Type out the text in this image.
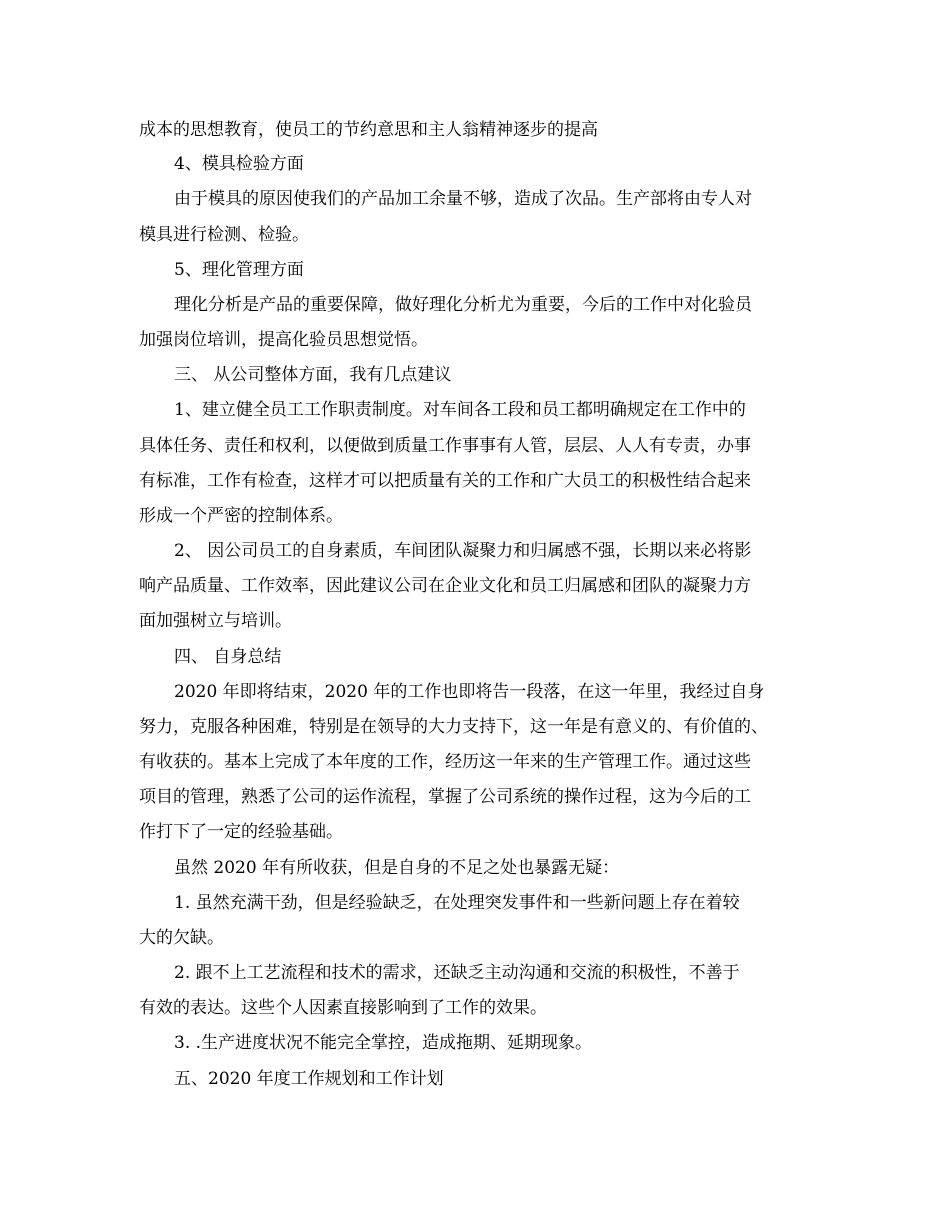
成本的思想教育，使员工的节约意思和主人翁精神逐步的提高
4、模具检验方面
由于模具的原因使我们的产品加工余量不够，造成了次品。生产部将由专人对
模具进行检测、检验。
5、理化管理方面
理化分析是产品的重要保障，做好理化分析尤为重要，今后的工作中对化验员
加强岗位培训，提高化验员思想觉悟。
三、 从公司整体方面，我有几点建议
1、建立健全员工工作职责制度。对车间各工段和员工都明确规定在工作中的
具体任务、责任和权利，以便做到质量工作事事有人管，层层、人人有专责，办事
有标准，工作有检查，这样才可以把质量有关的工作和广大员工的积极性结合起来
形成一个严密的控制体系。
2、 因公司员工的自身素质，车间团队凝聚力和归属感不强，长期以来必将影
响产品质量、工作效率，因此建议公司在企业文化和员工归属感和团队的凝聚力方
面加强树立与培训。
四、 自身总结
2020 年即将结束，2020 年的工作也即将告一段落，在这一年里，我经过自身
努力，克服各种困难，特别是在领导的大力支持下，这一年是有意义的、有价值的、
有收获的。基本上完成了本年度的工作，经历这一年来的生产管理工作。通过这些
项目的管理，熟悉了公司的运作流程，掌握了公司系统的操作过程，这为今后的工
作打下了一定的经验基础。
虽然 2020 年有所收获，但是自身的不足之处也暴露无疑：
1. 虽然充满干劲，但是经验缺乏，在处理突发事件和一些新问题上存在着较
大的欠缺。
2. 跟不上工艺流程和技术的需求，还缺乏主动沟通和交流的积极性，不善于
有效的表达。这些个人因素直接影响到了工作的效果。
3. .生产进度状况不能完全掌控，造成拖期、延期现象。
五、2020 年度工作规划和工作计划
